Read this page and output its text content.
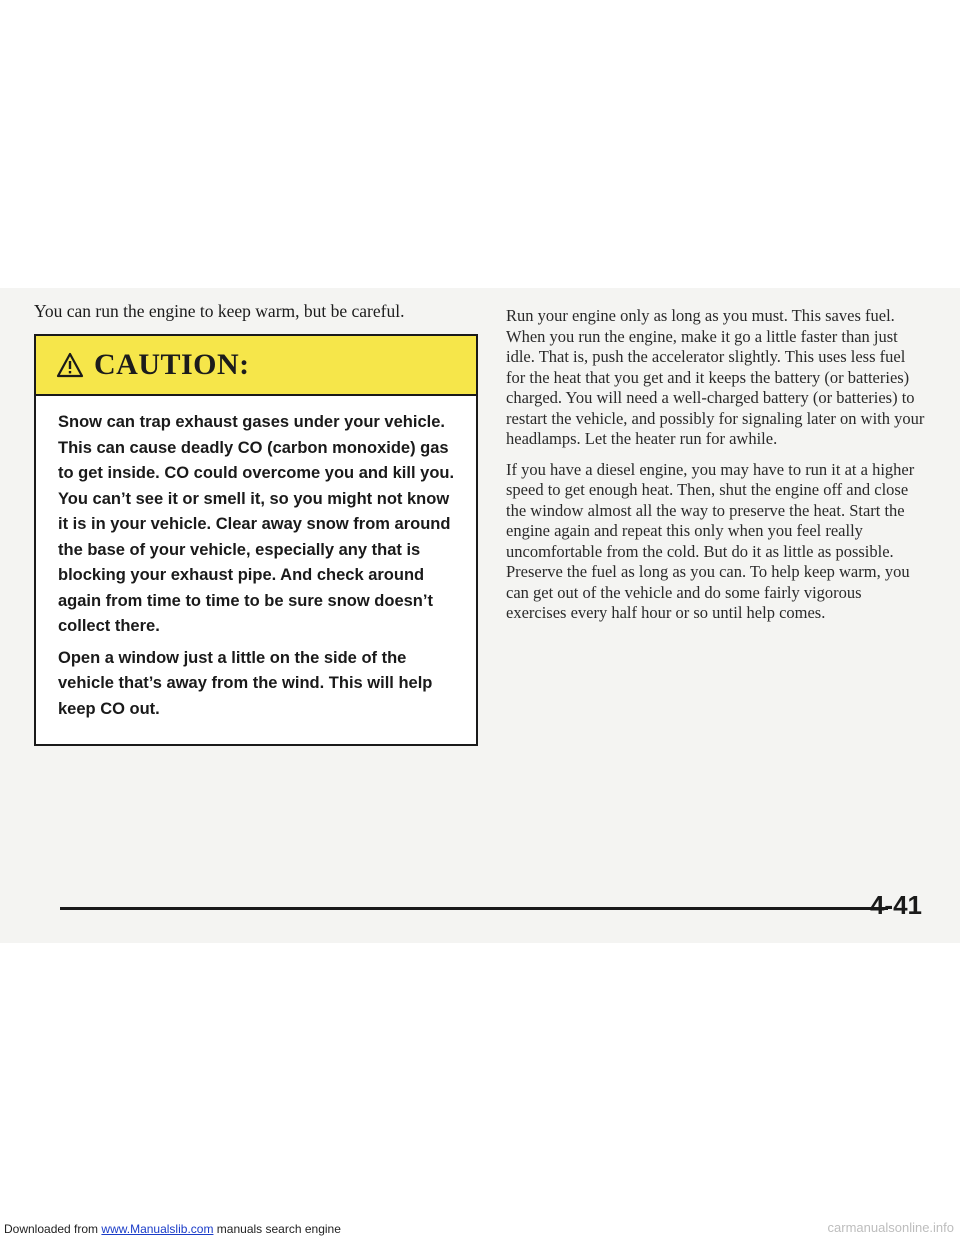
You can run the engine to keep warm, but be careful.

CAUTION:

Snow can trap exhaust gases under your vehicle. This can cause deadly CO (carbon monoxide) gas to get inside. CO could overcome you and kill you. You can’t see it or smell it, so you might not know it is in your vehicle. Clear away snow from around the base of your vehicle, especially any that is blocking your exhaust pipe. And check around again from time to time to be sure snow doesn’t collect there.

Open a window just a little on the side of the vehicle that’s away from the wind. This will help keep CO out.

Run your engine only as long as you must. This saves fuel. When you run the engine, make it go a little faster than just idle. That is, push the accelerator slightly. This uses less fuel for the heat that you get and it keeps the battery (or batteries) charged. You will need a well-charged battery (or batteries) to restart the vehicle, and possibly for signaling later on with your headlamps. Let the heater run for awhile.

If you have a diesel engine, you may have to run it at a higher speed to get enough heat. Then, shut the engine off and close the window almost all the way to preserve the heat. Start the engine again and repeat this only when you feel really uncomfortable from the cold. But do it as little as possible. Preserve the fuel as long as you can. To help keep warm, you can get out of the vehicle and do some fairly vigorous exercises every half hour or so until help comes.

4-41
Downloaded from www.Manualslib.com manuals search engine	carmanualsonline.info
